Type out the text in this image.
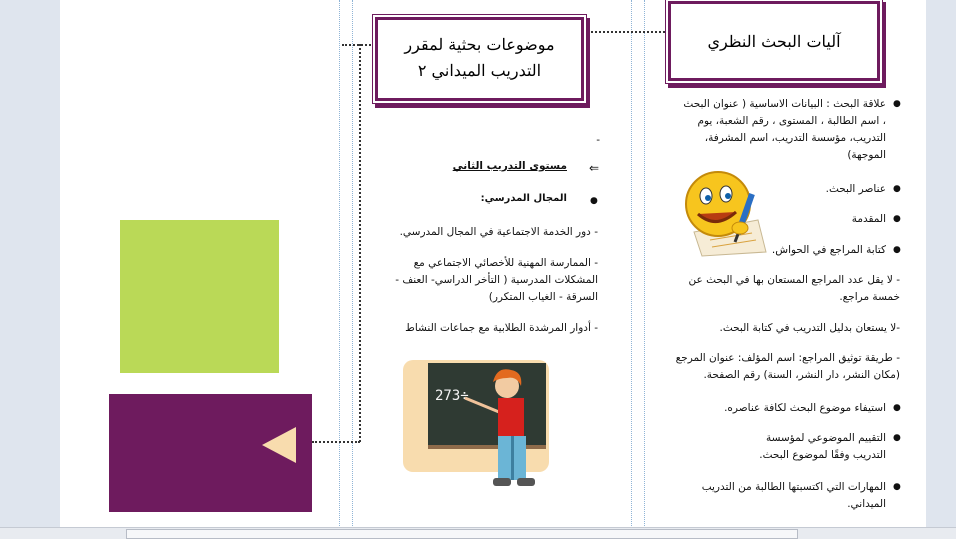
موضوعات بحثية لمقرر
التدريب الميداني ٢
-
مستوى التدريب الثاني ⇐
المجال المدرسي:	●
- دور الخدمة الاجتماعية في المجال المدرسي.
- الممارسة المهنية للأخصائي الاجتماعي مع المشكلات المدرسية ( التأخر الدراسي- العنف - السرقة - الغياب المتكرر)
- أدوار المرشدة الطلابية مع جماعات النشاط
273÷
آليات البحث النظري
علاقة البحث : البيانات الاساسية ( عنوان البحث ، اسم الطالبة ، المستوى ، رقم الشعبة، يوم التدريب، مؤسسة التدريب، اسم المشرفة، الموجهة)
●
عناصر البحث. ●
المقدمة ●
كتابة المراجع في الحواش. ●
- لا يقل عدد المراجع المستعان بها في البحث عن خمسة مراجع.
-لا يستعان بدليل التدريب في كتابة البحث.
- طريقة توثيق المراجع: اسم المؤلف: عنوان المرجع (مكان النشر، دار النشر، السنة) رقم الصفحة.
استيفاء موضوع البحث لكافة عناصره. ●
التقييم الموضوعي لمؤسسة التدريب وفقًا لموضوع البحث.
●
المهارات التي اكتسبتها الطالبة من التدريب الميداني.
●
